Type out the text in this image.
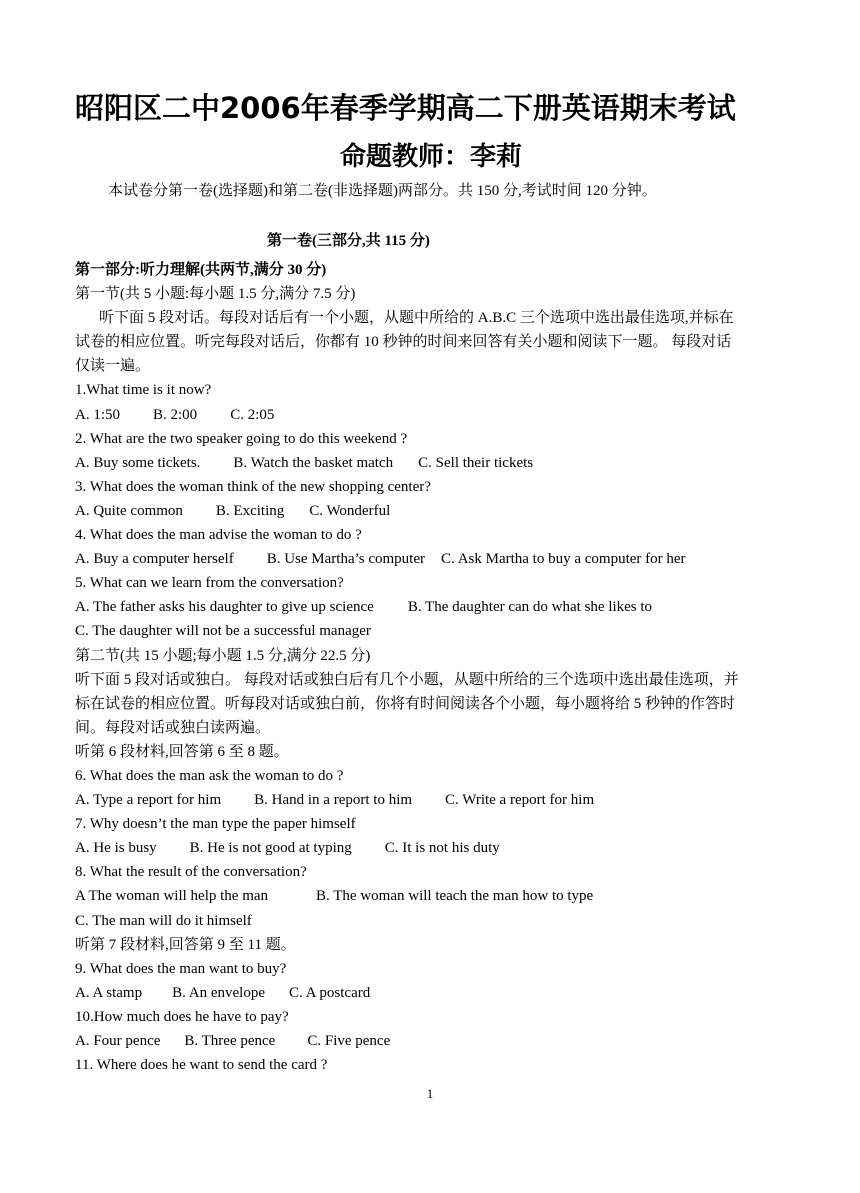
昭阳区二中2006年春季学期高二下册英语期末考试
命题教师：李莉
本试卷分第一卷(选择题)和第二卷(非选择题)两部分。共 150 分,考试时间 120 分钟。
第一卷(三部分,共 115 分)
第一部分:听力理解(共两节,满分 30 分)
第一节(共 5 小题:每小题 1.5 分,满分 7.5 分)
听下面 5 段对话。每段对话后有一个小题，从题中所给的 A.B.C 三个选项中选出最佳选项,并标在
试卷的相应位置。听完每段对话后，你都有 10 秒钟的时间来回答有关小题和阅读下一题。 每段对话
仅读一遍。
1.What time is it now?
A. 1:50 B. 2:00 C. 2:05
2. What are the two speaker going to do this weekend ?
A. Buy some tickets. B. Watch the basket match C. Sell their tickets
3. What does the woman think of the new shopping center?
A. Quite common B. Exciting C. Wonderful
4. What does the man advise the woman to do ?
A. Buy a computer herself B. Use Martha’s computer C. Ask Martha to buy a computer for her
5. What can we learn from the conversation?
A. The father asks his daughter to give up science B. The daughter can do what she likes to
C. The daughter will not be a successful manager
第二节(共 15 小题;每小题 1.5 分,满分 22.5 分)
听下面 5 段对话或独白。 每段对话或独白后有几个小题，从题中所给的三个选项中选出最佳选项，并
标在试卷的相应位置。听每段对话或独白前，你将有时间阅读各个小题，每小题将给 5 秒钟的作答时
间。每段对话或独白读两遍。
听第 6 段材料,回答第 6 至 8 题。
6. What does the man ask the woman to do ?
A. Type a report for him B. Hand in a report to him C. Write a report for him
7. Why doesn’t the man type the paper himself
A. He is busy B. He is not good at typing C. It is not his duty
8. What the result of the conversation?
A The woman will help the man	B. The woman will teach the man how to type
C. The man will do it himself
听第 7 段材料,回答第 9 至 11 题。
9. What does the man want to buy?
A. A stamp B. An envelope C. A postcard
10.How much does he have to pay?
A. Four pence B. Three pence C. Five pence
11. Where does he want to send the card ?
1
